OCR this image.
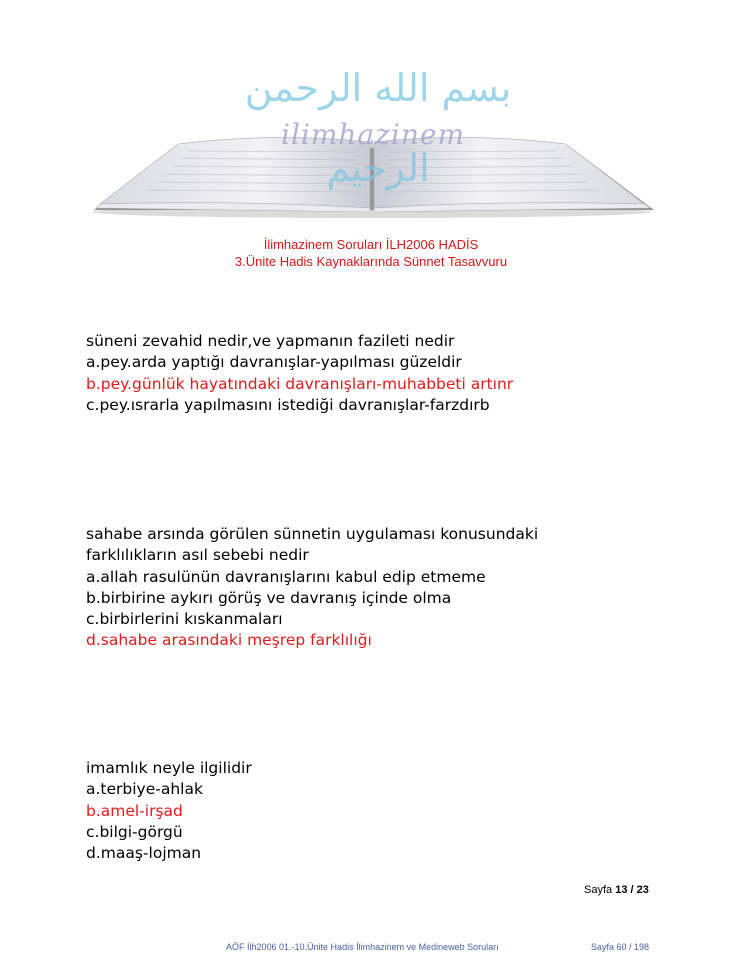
بسم الله الرحمن الرحيم
ilimhazinem
İlimhazinem Soruları İLH2006 HADİS
3.Ünite Hadis Kaynaklarında Sünnet Tasavvuru
süneni zevahid nedir,ve yapmanın fazileti nedir
a.pey.arda yaptığı davranışlar-yapılması güzeldir
b.pey.günlük hayatındaki davranışları-muhabbeti artınr
c.pey.ısrarla yapılmasını istediği davranışlar-farzdırb
sahabe arsında görülen sünnetin uygulaması konusundaki
farklılıkların asıl sebebi nedir
a.allah rasulünün davranışlarını kabul edip etmeme
b.birbirine aykırı görüş ve davranış içinde olma
c.birbirlerini kıskanmaları
d.sahabe arasındaki meşrep farklılığı
imamlık neyle ilgilidir
a.terbiye-ahlak
b.amel-irşad
c.bilgi-görgü
d.maaş-lojman
Sayfa 13 / 23
AÖF İlh2006 01.-10.Ünite Hadis İlimhazinem ve Medineweb Soruları	Sayfa 60 / 198
